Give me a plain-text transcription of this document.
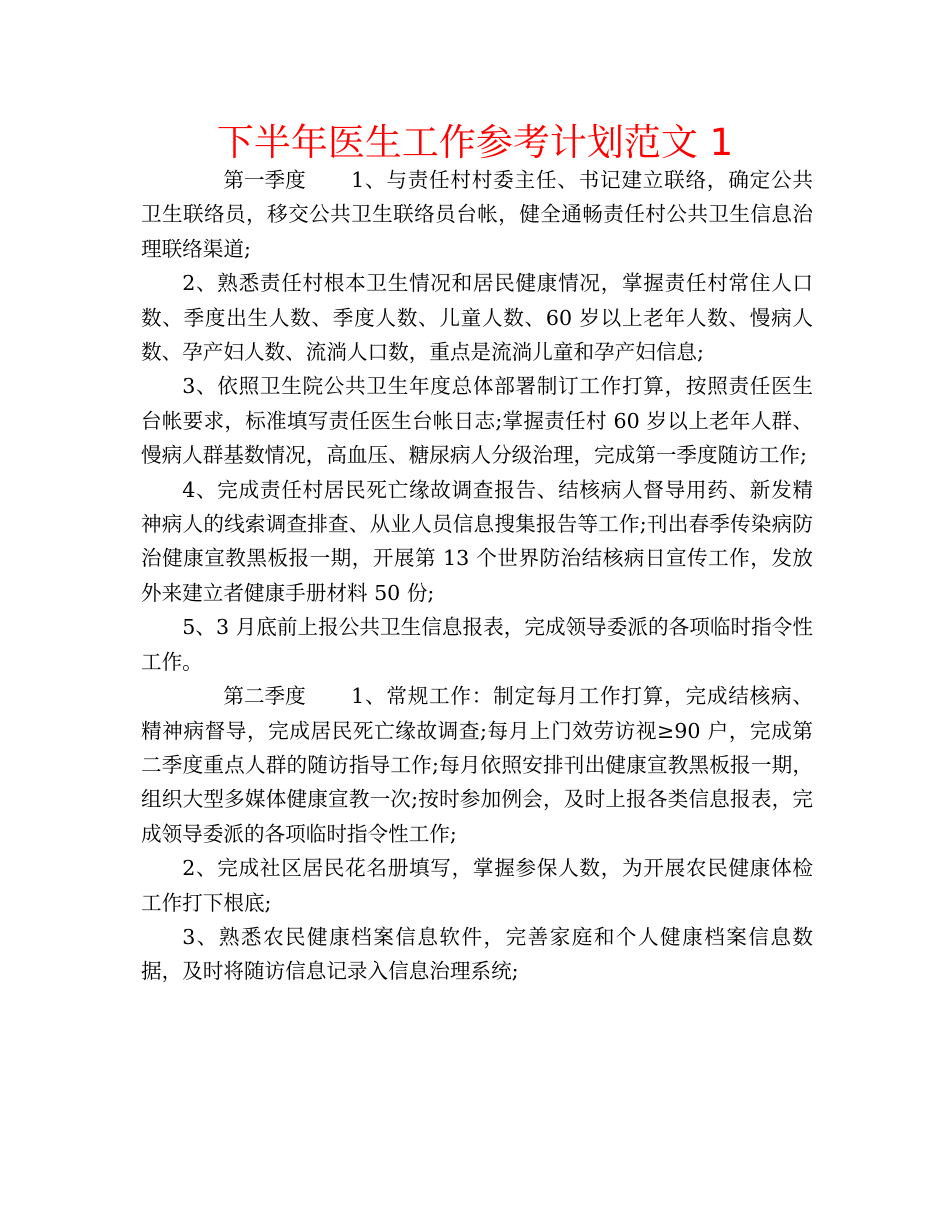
下半年医生工作参考计划范文 1

第一季度 1、与责任村村委主任、书记建立联络，确定公共卫生联络员，移交公共卫生联络员台帐，健全通畅责任村公共卫生信息治理联络渠道;

2、熟悉责任村根本卫生情况和居民健康情况，掌握责任村常住人口数、季度出生人数、季度人数、儿童人数、60 岁以上老年人数、慢病人数、孕产妇人数、流淌人口数，重点是流淌儿童和孕产妇信息;

3、依照卫生院公共卫生年度总体部署制订工作打算，按照责任医生台帐要求，标准填写责任医生台帐日志;掌握责任村 60 岁以上老年人群、慢病人群基数情况，高血压、糖尿病人分级治理，完成第一季度随访工作;

4、完成责任村居民死亡缘故调查报告、结核病人督导用药、新发精神病人的线索调查排查、从业人员信息搜集报告等工作;刊出春季传染病防治健康宣教黑板报一期，开展第 13 个世界防治结核病日宣传工作，发放外来建立者健康手册材料 50 份;

5、3 月底前上报公共卫生信息报表，完成领导委派的各项临时指令性工作。

第二季度 1、常规工作：制定每月工作打算，完成结核病、精神病督导，完成居民死亡缘故调查;每月上门效劳访视≥90 户，完成第二季度重点人群的随访指导工作;每月依照安排刊出健康宣教黑板报一期，组织大型多媒体健康宣教一次;按时参加例会，及时上报各类信息报表，完成领导委派的各项临时指令性工作;

2、完成社区居民花名册填写，掌握参保人数，为开展农民健康体检工作打下根底;

3、熟悉农民健康档案信息软件，完善家庭和个人健康档案信息数据，及时将随访信息记录入信息治理系统;
